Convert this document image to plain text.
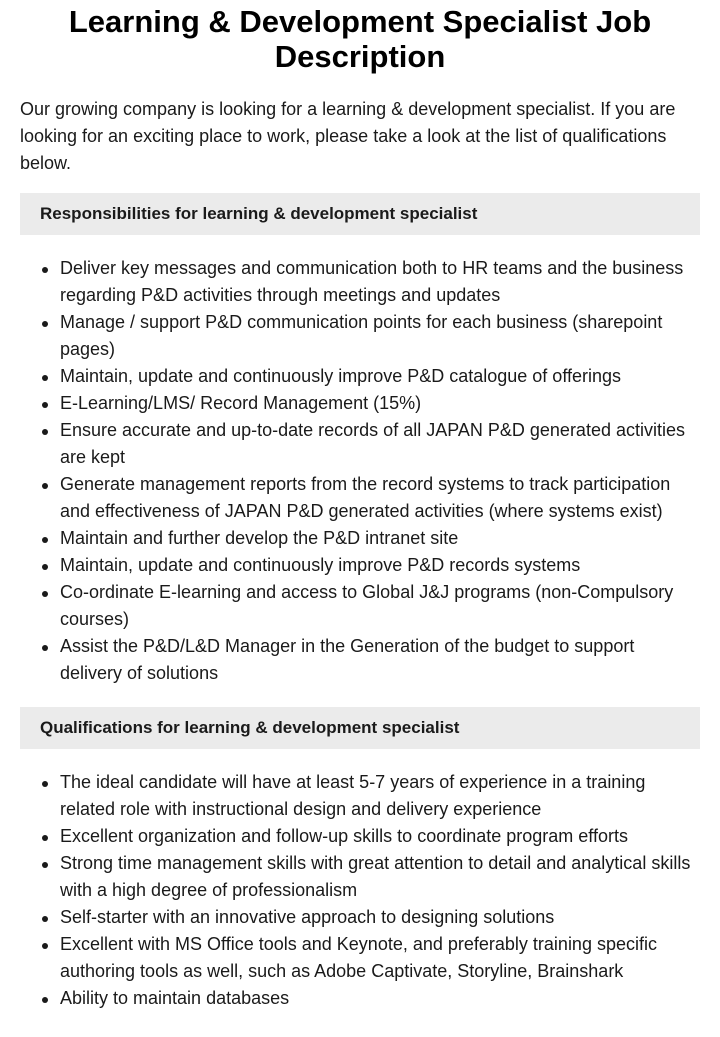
Learning & Development Specialist Job Description

Our growing company is looking for a learning & development specialist. If you are looking for an exciting place to work, please take a look at the list of qualifications below.

Responsibilities for learning & development specialist
Deliver key messages and communication both to HR teams and the business regarding P&D activities through meetings and updates
Manage / support P&D communication points for each business (sharepoint pages)
Maintain, update and continuously improve P&D catalogue of offerings
E-Learning/LMS/ Record Management (15%)
Ensure accurate and up-to-date records of all JAPAN P&D generated activities are kept
Generate management reports from the record systems to track participation and effectiveness of JAPAN P&D generated activities (where systems exist)
Maintain and further develop the P&D intranet site
Maintain, update and continuously improve P&D records systems
Co-ordinate E-learning and access to Global J&J programs (non-Compulsory courses)
Assist the P&D/L&D Manager in the Generation of the budget to support delivery of solutions
Qualifications for learning & development specialist
The ideal candidate will have at least 5-7 years of experience in a training related role with instructional design and delivery experience
Excellent organization and follow-up skills to coordinate program efforts
Strong time management skills with great attention to detail and analytical skills with a high degree of professionalism
Self-starter with an innovative approach to designing solutions
Excellent with MS Office tools and Keynote, and preferably training specific authoring tools as well, such as Adobe Captivate, Storyline, Brainshark
Ability to maintain databases
